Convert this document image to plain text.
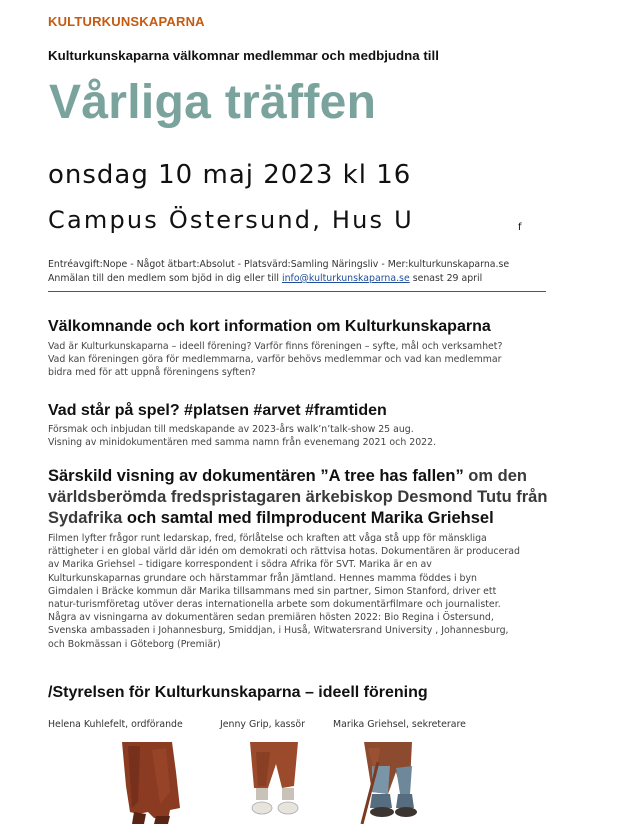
KULTURKUNSKAPARNA
Kulturkunskaparna välkomnar medlemmar och medbjudna till
Vårliga träffen
onsdag 10 maj 2023 kl 16
Campus Östersund, Hus U	f
Entréavgift:Nope - Något ätbart:Absolut - Platsvärd:Samling Näringsliv - Mer:kulturkunskaparna.se
Anmälan till den medlem som bjöd in dig eller till info@kulturkunskaparna.se senast 29 april
Välkomnande och kort information om Kulturkunskaparna
Vad är Kulturkunskaparna – ideell förening? Varför finns föreningen – syfte, mål och verksamhet?
Vad kan föreningen göra för medlemmarna, varför behövs medlemmar och vad kan medlemmar
bidra med för att uppnå föreningens syften?
Vad står på spel? #platsen #arvet #framtiden
Försmak och inbjudan till medskapande av 2023-års walk’n’talk-show 25 aug.
Visning av minidokumentären med samma namn från evenemang 2021 och 2022.
Särskild visning av dokumentären ”A tree has fallen” om den världsberömda fredspristagaren ärkebiskop Desmond Tutu från Sydafrika och samtal med filmproducent Marika Griehsel
Filmen lyfter frågor runt ledarskap, fred, förlåtelse och kraften att våga stå upp för mänskliga
rättigheter i en global värld där idén om demokrati och rättvisa hotas. Dokumentären är producerad
av Marika Griehsel – tidigare korrespondent i södra Afrika för SVT. Marika är en av
Kulturkunskaparnas grundare och härstammar från Jämtland. Hennes mamma föddes i byn
Gimdalen i Bräcke kommun där Marika tillsammans med sin partner, Simon Stanford, driver ett
natur-turismföretag utöver deras internationella arbete som dokumentärfilmare och journalister.
Några av visningarna av dokumentären sedan premiären hösten 2022: Bio Regina i Östersund,
Svenska ambassaden i Johannesburg, Smiddjan, i Huså, Witwatersrand University , Johannesburg,
och Bokmässan i Göteborg (Premiär)
/Styrelsen för Kulturkunskaparna – ideell förening
Helena Kuhlefelt, ordförande	Jenny Grip, kassör	Marika Griehsel, sekreterare
